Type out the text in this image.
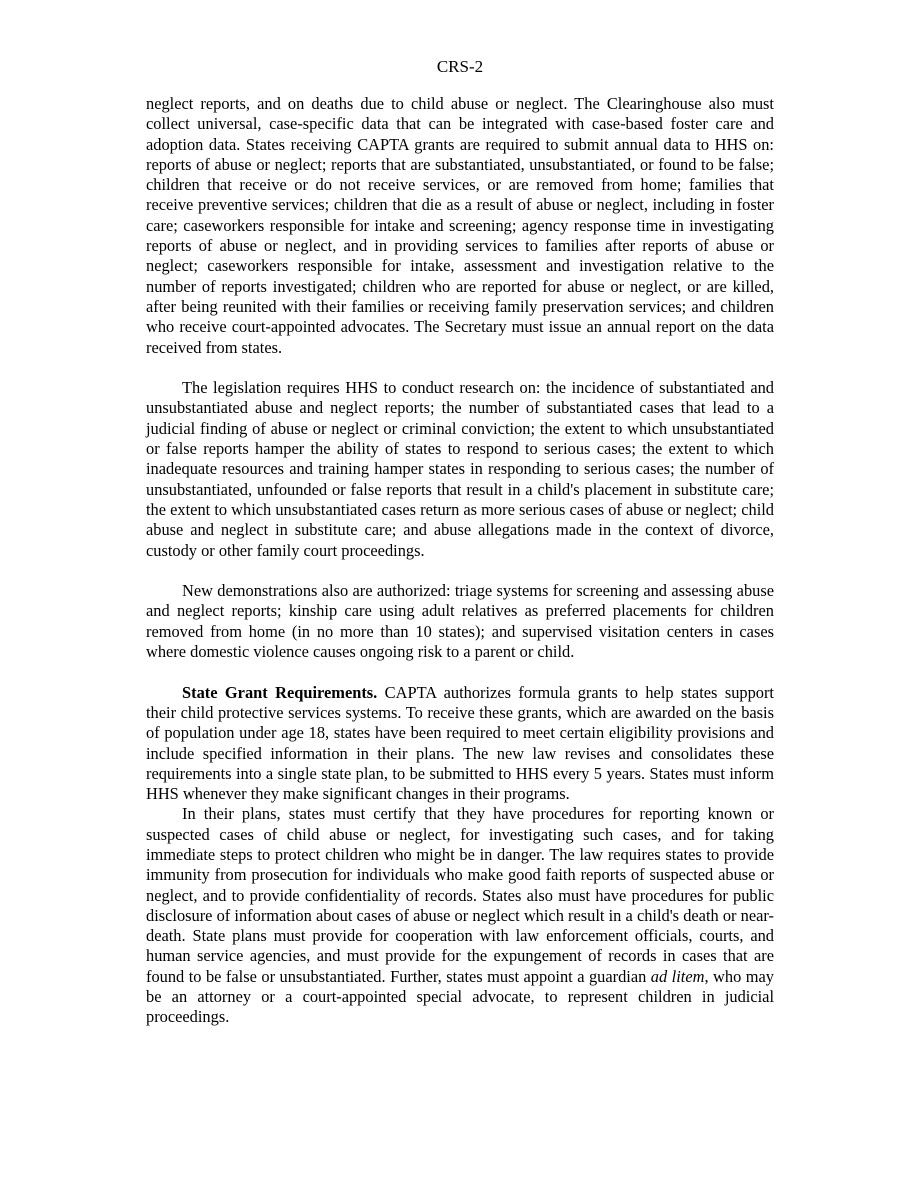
CRS-2

neglect reports, and on deaths due to child abuse or neglect. The Clearinghouse also must collect universal, case-specific data that can be integrated with case-based foster care and adoption data. States receiving CAPTA grants are required to submit annual data to HHS on: reports of abuse or neglect; reports that are substantiated, unsubstantiated, or found to be false; children that receive or do not receive services, or are removed from home; families that receive preventive services; children that die as a result of abuse or neglect, including in foster care; caseworkers responsible for intake and screening; agency response time in investigating reports of abuse or neglect, and in providing services to families after reports of abuse or neglect; caseworkers responsible for intake, assessment and investigation relative to the number of reports investigated; children who are reported for abuse or neglect, or are killed, after being reunited with their families or receiving family preservation services; and children who receive court-appointed advocates. The Secretary must issue an annual report on the data received from states.

The legislation requires HHS to conduct research on: the incidence of substantiated and unsubstantiated abuse and neglect reports; the number of substantiated cases that lead to a judicial finding of abuse or neglect or criminal conviction; the extent to which unsubstantiated or false reports hamper the ability of states to respond to serious cases; the extent to which inadequate resources and training hamper states in responding to serious cases; the number of unsubstantiated, unfounded or false reports that result in a child's placement in substitute care; the extent to which unsubstantiated cases return as more serious cases of abuse or neglect; child abuse and neglect in substitute care; and abuse allegations made in the context of divorce, custody or other family court proceedings.

New demonstrations also are authorized: triage systems for screening and assessing abuse and neglect reports; kinship care using adult relatives as preferred placements for children removed from home (in no more than 10 states); and supervised visitation centers in cases where domestic violence causes ongoing risk to a parent or child.

State Grant Requirements. CAPTA authorizes formula grants to help states support their child protective services systems. To receive these grants, which are awarded on the basis of population under age 18, states have been required to meet certain eligibility provisions and include specified information in their plans. The new law revises and consolidates these requirements into a single state plan, to be submitted to HHS every 5 years. States must inform HHS whenever they make significant changes in their programs.

In their plans, states must certify that they have procedures for reporting known or suspected cases of child abuse or neglect, for investigating such cases, and for taking immediate steps to protect children who might be in danger. The law requires states to provide immunity from prosecution for individuals who make good faith reports of suspected abuse or neglect, and to provide confidentiality of records. States also must have procedures for public disclosure of information about cases of abuse or neglect which result in a child's death or near-death. State plans must provide for cooperation with law enforcement officials, courts, and human service agencies, and must provide for the expungement of records in cases that are found to be false or unsubstantiated. Further, states must appoint a guardian ad litem, who may be an attorney or a court-appointed special advocate, to represent children in judicial proceedings.
